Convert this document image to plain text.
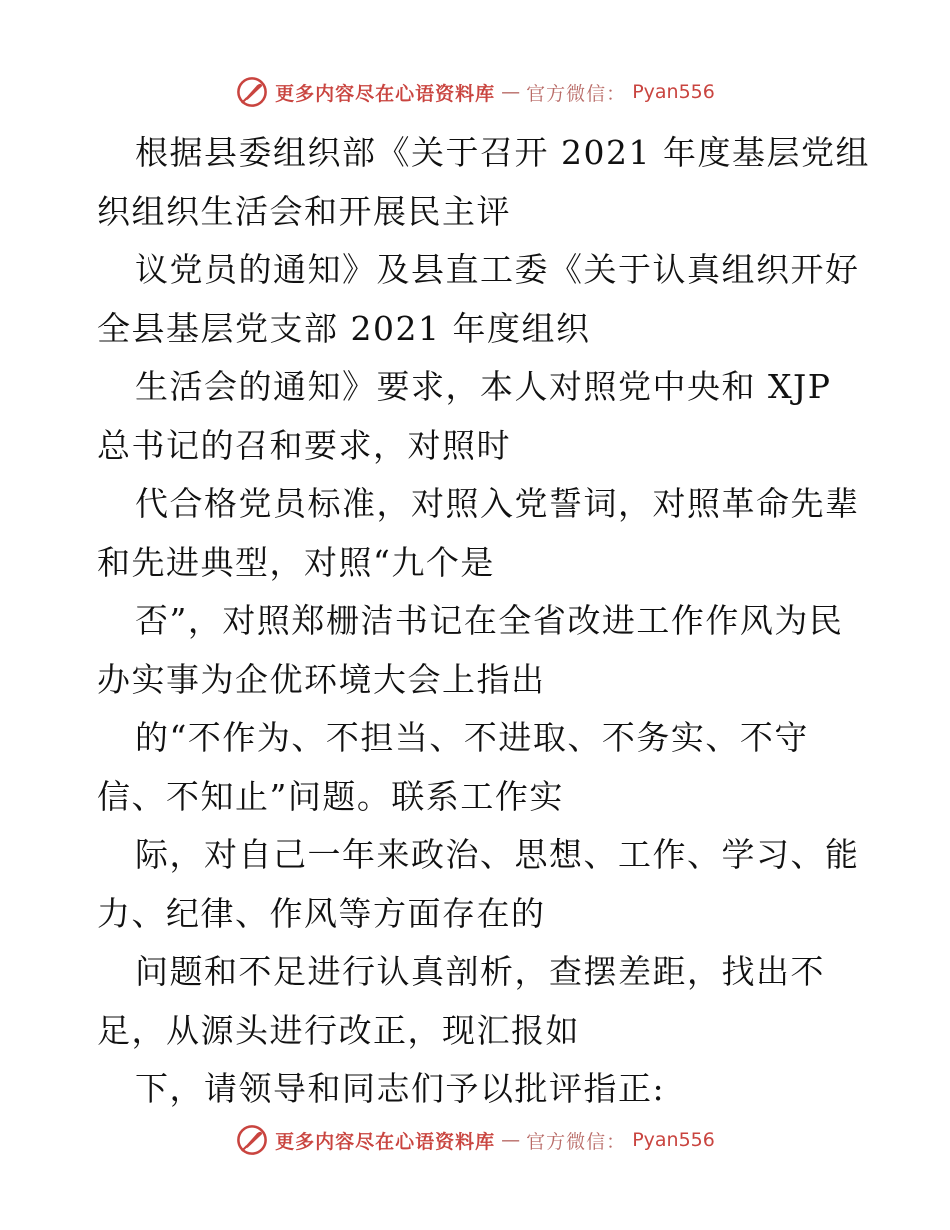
更多内容尽在心语资料库 — 官方微信： Pyan556
根据县委组织部《关于召开 2021 年度基层党组
织组织生活会和开展民主评
议党员的通知》及县直工委《关于认真组织开好
全县基层党支部 2021 年度组织
生活会的通知》要求，本人对照党中央和 XJP
总书记的召和要求，对照时
代合格党员标准，对照入党誓词，对照革命先辈
和先进典型，对照“九个是
否”，对照郑栅洁书记在全省改进工作作风为民
办实事为企优环境大会上指出
的“不作为、不担当、不进取、不务实、不守
信、不知止”问题。联系工作实
际，对自己一年来政治、思想、工作、学习、能
力、纪律、作风等方面存在的
问题和不足进行认真剖析，查摆差距，找出不
足，从源头进行改正，现汇报如
下，请领导和同志们予以批评指正:
更多内容尽在心语资料库 — 官方微信： Pyan556
